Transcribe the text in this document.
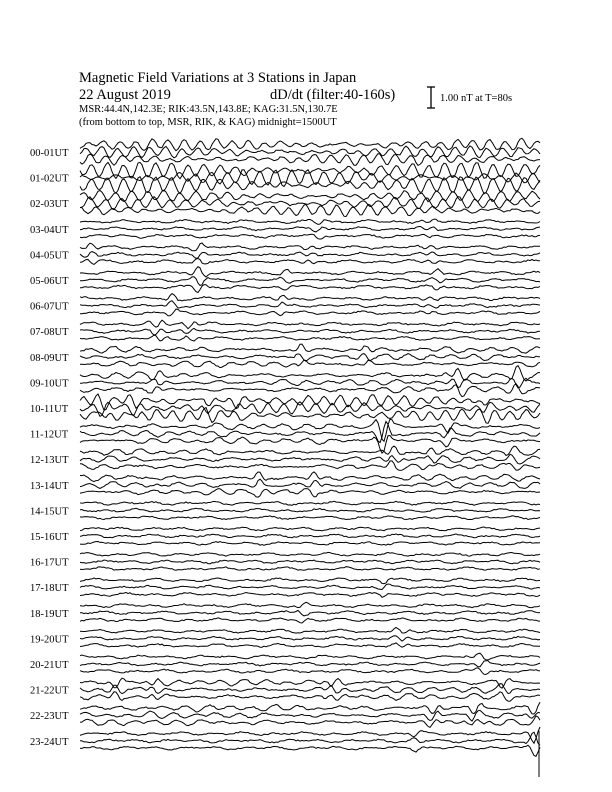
Magnetic Field Variations at 3 Stations in Japan
22 August 2019	dD/dt (filter:40-160s)
MSR:44.4N,142.3E; RIK:43.5N,143.8E; KAG:31.5N,130.7E
(from bottom to top, MSR, RIK, & KAG) midnight=1500UT
1.00 nT at T=80s
00-01UT
01-02UT
02-03UT
03-04UT
04-05UT
05-06UT
06-07UT
07-08UT
08-09UT
09-10UT
10-11UT
11-12UT
12-13UT
13-14UT
14-15UT
15-16UT
16-17UT
17-18UT
18-19UT
19-20UT
20-21UT
21-22UT
22-23UT
23-24UT
